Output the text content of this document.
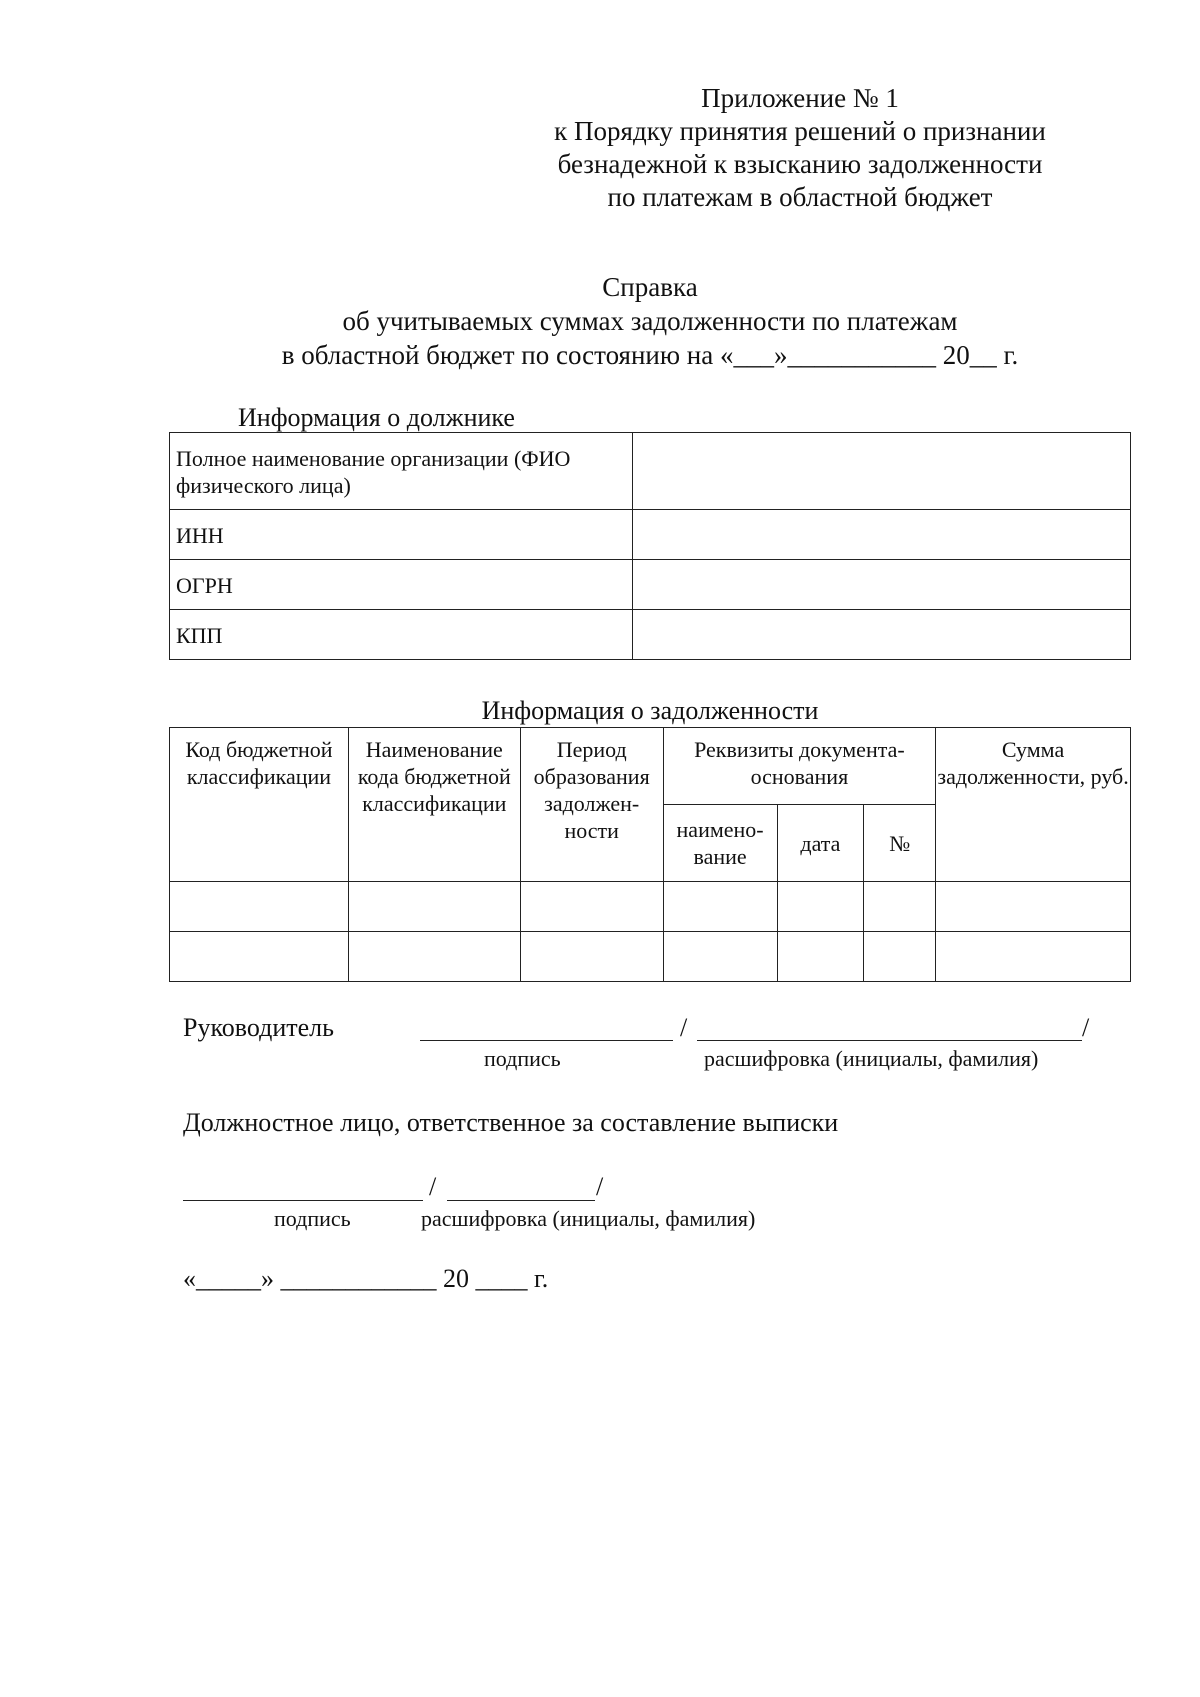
Приложение № 1
к Порядку принятия решений о признании
безнадежной к взысканию задолженности
по платежам в областной бюджет
Справка
об учитываемых суммах задолженности по платежам
в областной бюджет по состоянию на «___»___________ 20__ г.
Информация о должнике
Полное наименование организации (ФИО физического лица)	
ИНН	
ОГРН	
КПП	
Информация о задолженности
Код бюджетной классификации	Наименование кода бюджетной классификации	Период образования задолжен-ности	Реквизиты документа-основания			Сумма задолженности, руб.
			наимено-вание	дата	№	

Руководитель	/	/
подпись	расшифровка (инициалы, фамилия)
Должностное лицо, ответственное за составление выписки
/	/
подпись	расшифровка (инициалы, фамилия)
«_____» ____________ 20 ____ г.
